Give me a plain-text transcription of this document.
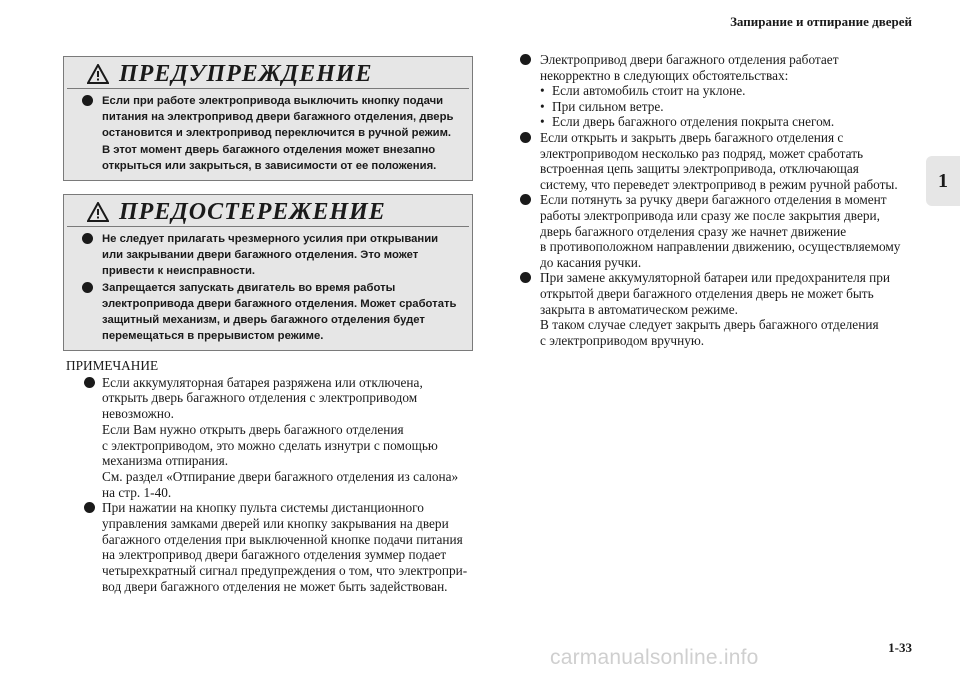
Запирание и отпирание дверей
1
ПРЕДУПРЕЖДЕНИЕ
Если при работе электропривода выключить кнопку подачи питания на электропривод двери багажного отделения, дверь остановится и электропривод переключится в ручной режим. В этот момент дверь багажного отделения может внезапно открыться или закрыться, в зависимости от ее положения.
ПРЕДОСТЕРЕЖЕНИЕ
Не следует прилагать чрезмерного усилия при открывании или закрывании двери багажного отделения. Это может привести к неисправности.
Запрещается запускать двигатель во время работы электропривода двери багажного отделения. Может сработать защитный механизм, и дверь багажного отделения будет перемещаться в прерывистом режиме.
ПРИМЕЧАНИЕ
Если аккумуляторная батарея разряжена или отключена,
открыть дверь багажного отделения с электроприводом
невозможно.
Если Вам нужно открыть дверь багажного отделения
с электроприводом, это можно сделать изнутри с помощью
механизма отпирания.
См. раздел «Отпирание двери багажного отделения из салона»
на стр. 1-40.
При нажатии на кнопку пульта системы дистанционного
управления замками дверей или кнопку закрывания на двери
багажного отделения при выключенной кнопке подачи питания
на электропривод двери багажного отделения зуммер подает
четырехкратный сигнал предупреждения о том, что электропри-
вод двери багажного отделения не может быть задействован.
Электропривод двери багажного отделения работает
некорректно в следующих обстоятельствах:
• Если автомобиль стоит на уклоне.
• При сильном ветре.
• Если дверь багажного отделения покрыта снегом.
Если открыть и закрыть дверь багажного отделения с
электроприводом несколько раз подряд, может сработать
встроенная цепь защиты электропривода, отключающая
систему, что переведет электропривод в режим ручной работы.
Если потянуть за ручку двери багажного отделения в момент
работы электропривода или сразу же после закрытия двери,
дверь багажного отделения сразу же начнет движение
в противоположном направлении движению, осуществляемому
до касания ручки.
При замене аккумуляторной батареи или предохранителя при
открытой двери багажного отделения дверь не может быть
закрыта в автоматическом режиме.
В таком случае следует закрыть дверь багажного отделения
с электроприводом вручную.
1-33
carmanualsonline.info
